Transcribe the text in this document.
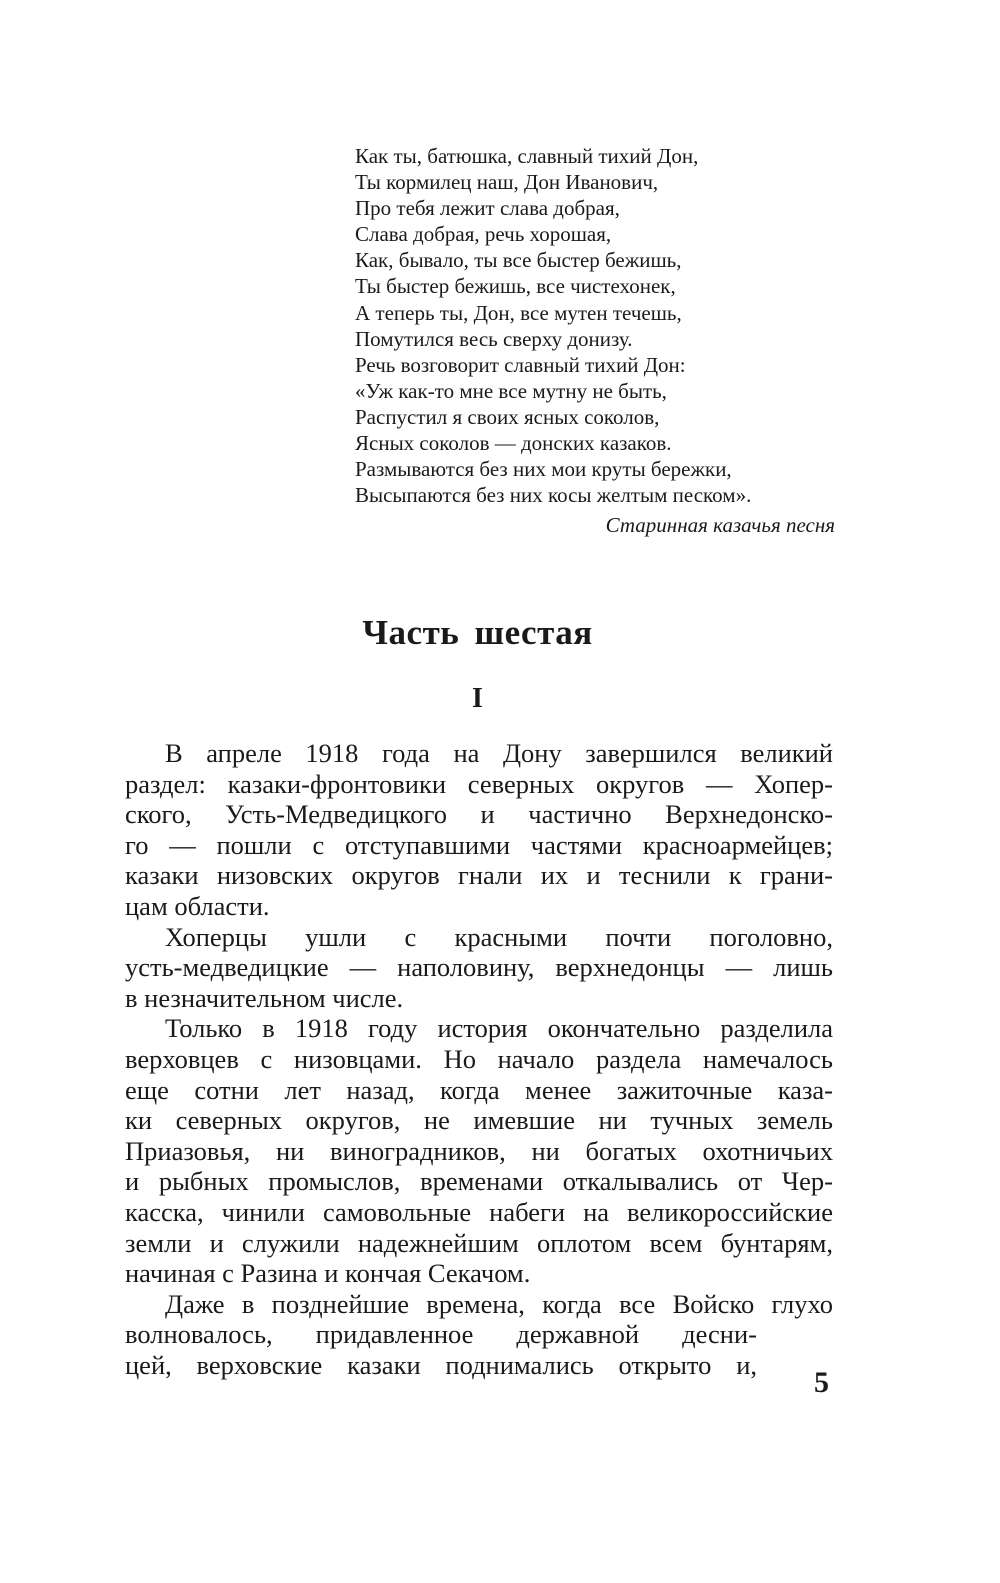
Как ты, батюшка, славный тихий Дон,
Ты кормилец наш, Дон Иванович,
Про тебя лежит слава добрая,
Слава добрая, речь хорошая,
Как, бывало, ты все быстер бежишь,
Ты быстер бежишь, все чистехонек,
А теперь ты, Дон, все мутен течешь,
Помутился весь сверху донизу.
Речь возговорит славный тихий Дон:
«Уж как-то мне все мутну не быть,
Распустил я своих ясных соколов,
Ясных соколов — донских казаков.
Размываются без них мои круты бережки,
Высыпаются без них косы желтым песком».
Старинная казачья песня
Часть шестая
I
В апреле 1918 года на Дону завершился великий
раздел: казаки-фронтовики северных округов — Хопер-
ского, Усть-Медведицкого и частично Верхнедонско-
го — пошли с отступавшими частями красноармейцев;
казаки низовских округов гнали их и теснили к грани-
цам области.
Хоперцы ушли с красными почти поголовно,
усть-медведицкие — наполовину, верхнедонцы — лишь
в незначительном числе.
Только в 1918 году история окончательно разделила
верховцев с низовцами. Но начало раздела намечалось
еще сотни лет назад, когда менее зажиточные каза-
ки северных округов, не имевшие ни тучных земель
Приазовья, ни виноградников, ни богатых охотничьих
и рыбных промыслов, временами откалывались от Чер-
касска, чинили самовольные набеги на великороссийские
земли и служили надежнейшим оплотом всем бунтарям,
начиная с Разина и кончая Секачом.
Даже в позднейшие времена, когда все Войско глухо
волновалось, придавленное державной десни-
цей, верховские казаки поднимались открыто и,
5
